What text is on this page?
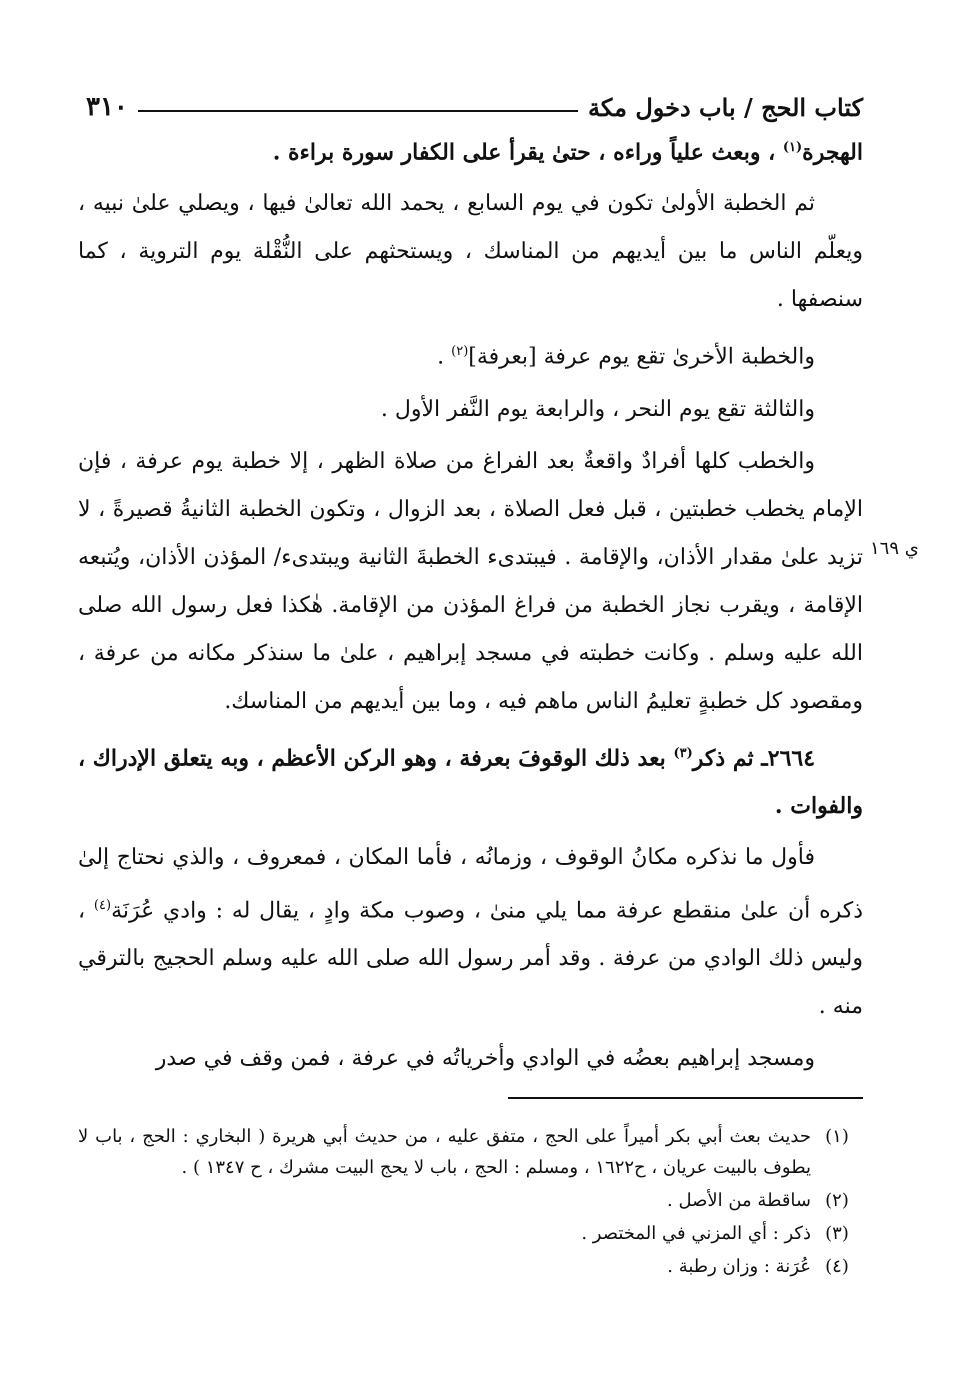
كتاب الحج / باب دخول مكة
٣١٠

الهجرة$^{(١)}$ ، وبعث علياً وراءه ، حتىٰ يقرأ على الكفار سورة براءة .

ثم الخطبة الأولىٰ تكون في يوم السابع ، يحمد الله تعالىٰ فيها ، ويصلي علىٰ نبيه ، ويعلّم الناس ما بين أيديهم من المناسك ، ويستحثهم على النُّقْلة يوم التروية ، كما سنصفها .

والخطبة الأخرىٰ تقع يوم عرفة [بعرفة]$^{(٢)}$ .

والثالثة تقع يوم النحر ، والرابعة يوم النَّفر الأول .

والخطب كلها أفرادٌ واقعةٌ بعد الفراغ من صلاة الظهر ، إلا خطبة يوم عرفة ، فإن الإمام يخطب خطبتين ، قبل فعل الصلاة ، بعد الزوال ، وتكون الخطبة الثانيةُ قصيرةً ، لا تزيد علىٰ مقدار الأذان، والإقامة . فيبتدىء الخطبةَ الثانية ويبتدىء/ المؤذن الأذان، ويُتبعه الإقامة ، ويقرب نجاز الخطبة من فراغ المؤذن من الإقامة. هٰكذا فعل رسول الله صلى الله عليه وسلم . وكانت خطبته في مسجد إبراهيم ، علىٰ ما سنذكر مكانه من عرفة ، ومقصود كل خطبةٍ تعليمُ الناس ماهم فيه ، وما بين أيديهم من المناسك.

٢٦٦٤ـ ثم ذكر$^{(٣)}$ بعد ذلك الوقوفَ بعرفة ، وهو الركن الأعظم ، وبه يتعلق الإدراك ، والفوات .

فأول ما نذكره مكانُ الوقوف ، وزمانُه ، فأما المكان ، فمعروف ، والذي نحتاج إلىٰ ذكره أن علىٰ منقطع عرفة مما يلي منىٰ ، وصوب مكة وادٍ ، يقال له : وادي عُرَنَة$^{(٤)}$ ، وليس ذلك الوادي من عرفة . وقد أمر رسول الله صلى الله عليه وسلم الحجيج بالترقي منه .

ومسجد إبراهيم بعضُه في الوادي وأخرياتُه في عرفة ، فمن وقف في صدر

(١)
حديث بعث أبي بكر أميراً على الحج ، متفق عليه ، من حديث أبي هريرة ( البخاري : الحج ، باب لا يطوف بالبيت عريان ، ح١٦٢٢ ، ومسلم : الحج ، باب لا يحج البيت مشرك ، ح ١٣٤٧ ) .
(٢)
ساقطة من الأصل .
(٣)
ذكر : أي المزني في المختصر .
(٤)
عُرَنة : وزان رطبة .
ي ١٦٩
